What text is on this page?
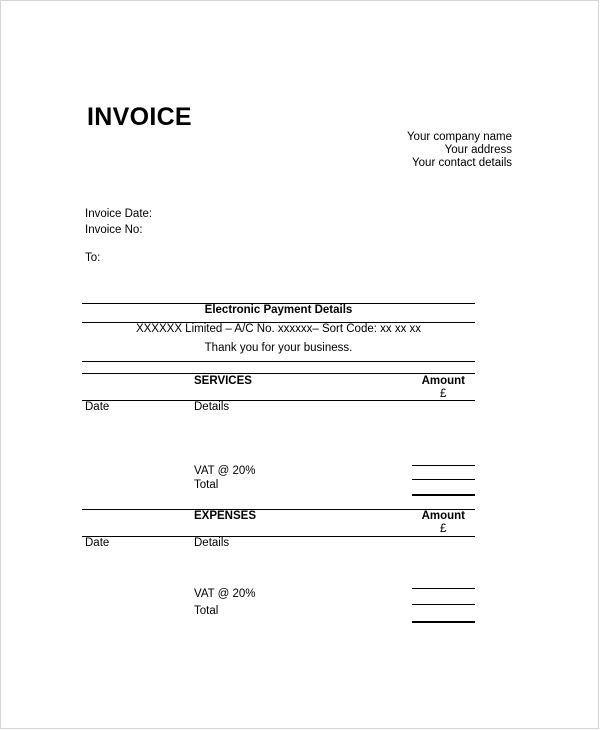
INVOICE
Your company name
Your address
Your contact details
Invoice Date:
Invoice No:
To:
Electronic Payment Details
XXXXXX Limited – A/C No. xxxxxx– Sort Code: xx xx xx
Thank you for your business.
SERVICES	Amount
£
Date	Details
VAT @ 20%
Total
EXPENSES	Amount
£
Date	Details
VAT @ 20%
Total
